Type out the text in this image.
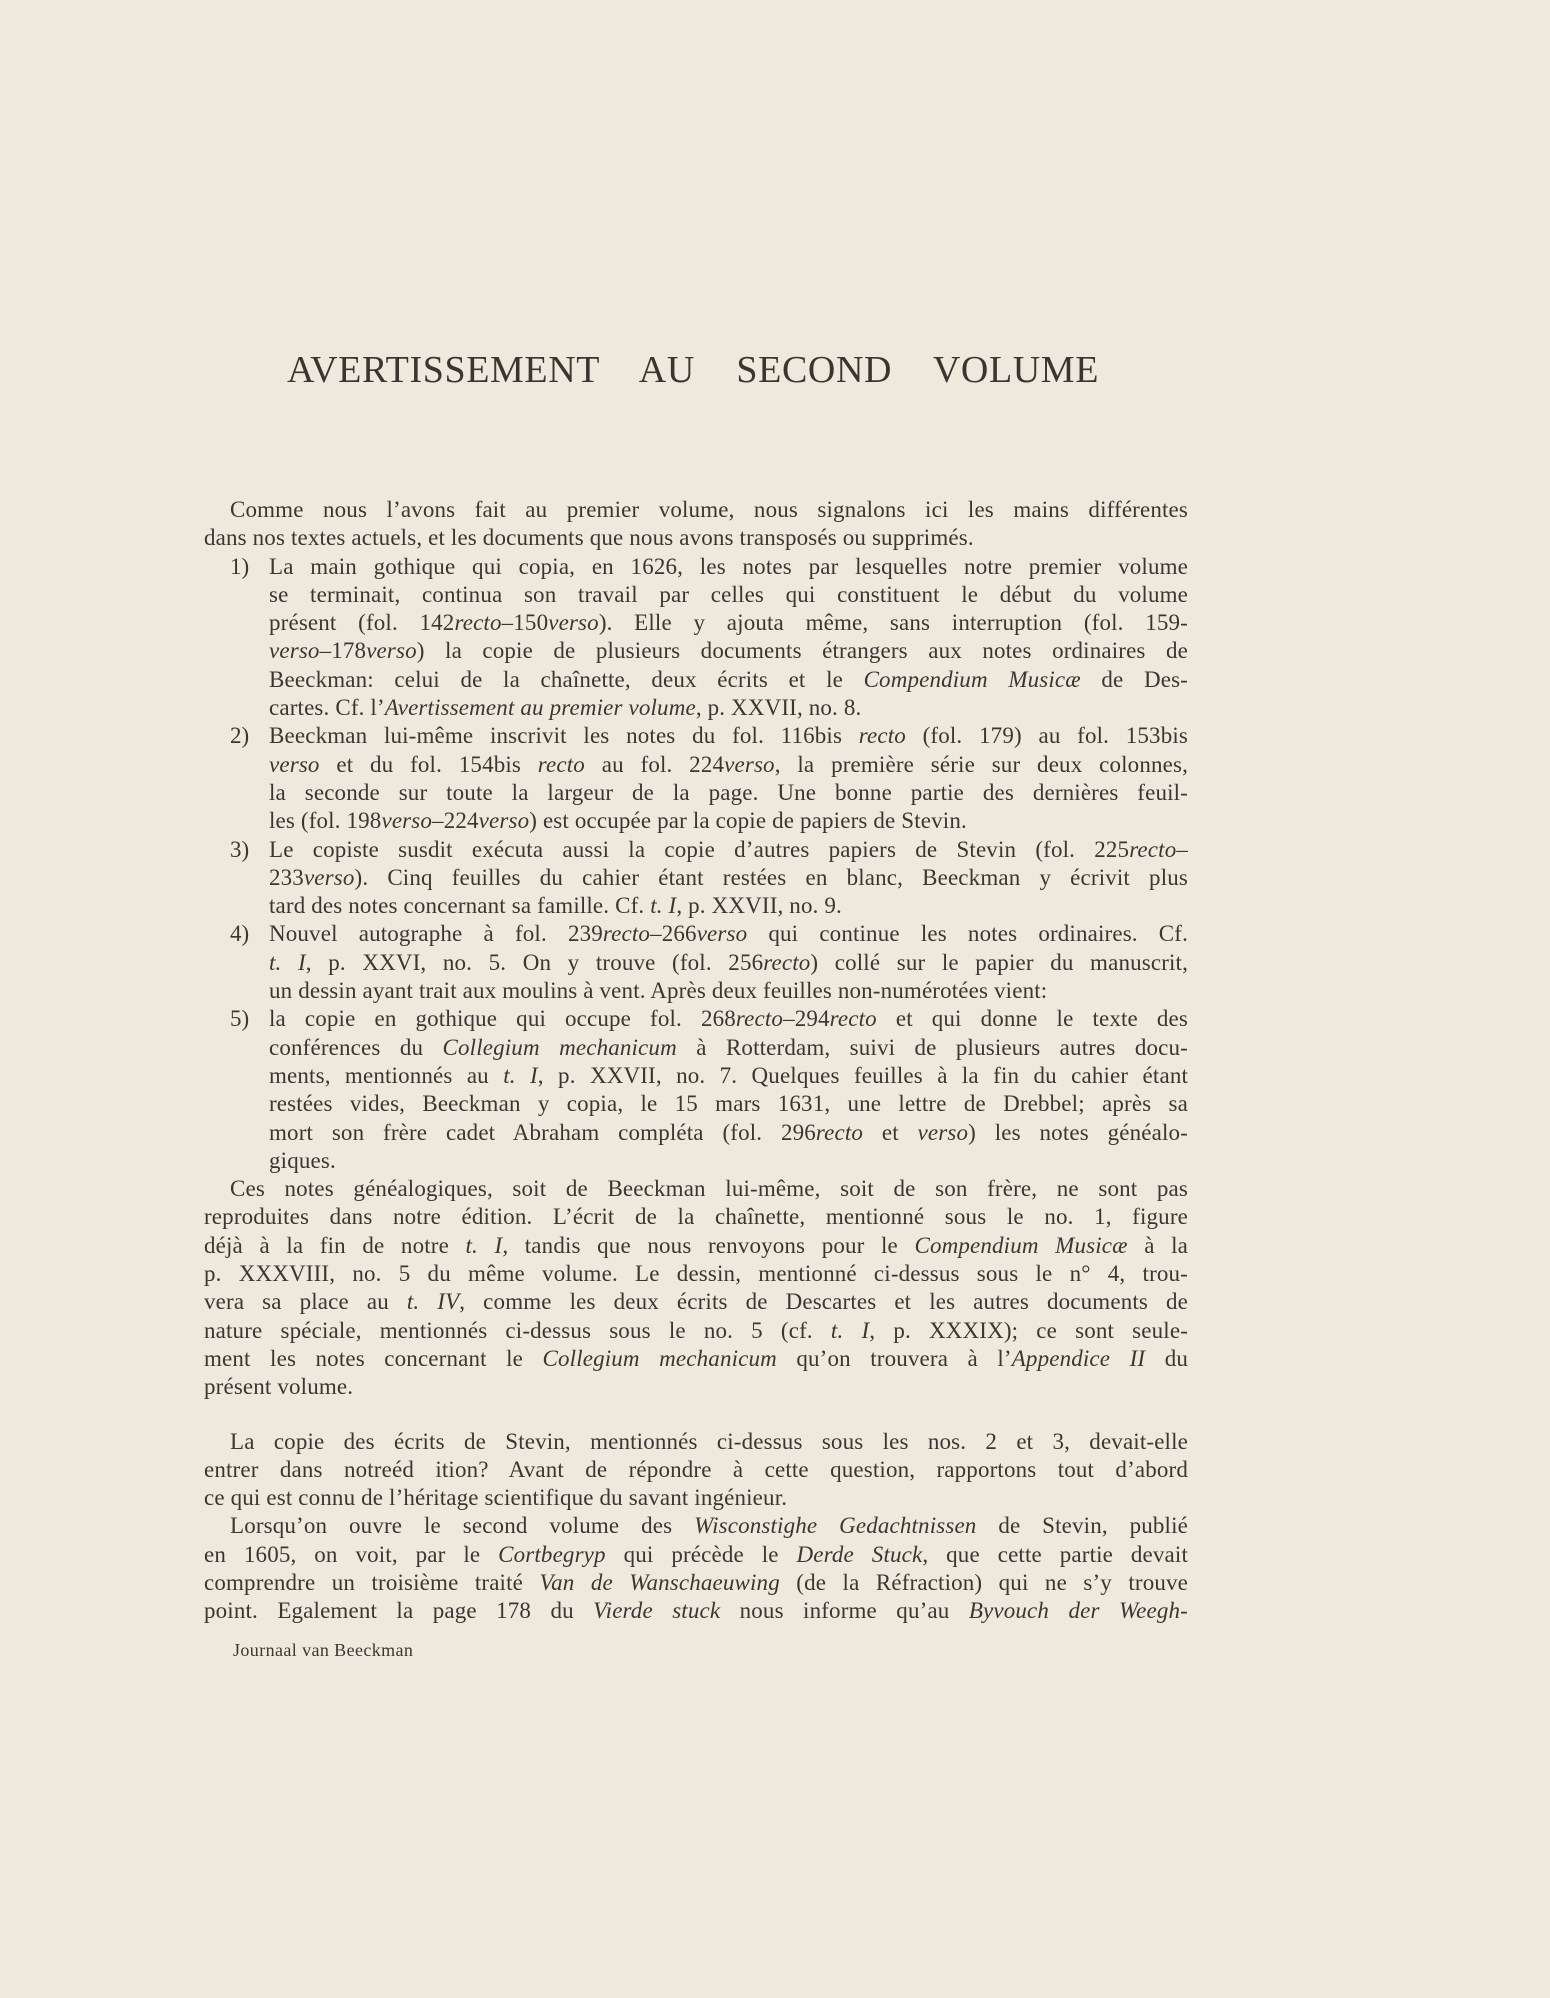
AVERTISSEMENT AU SECOND VOLUME
Comme nous l’avons fait au premier volume, nous signalons ici les mains différentes
dans nos textes actuels, et les documents que nous avons transposés ou supprimés.
1) La main gothique qui copia, en 1626, les notes par lesquelles notre premier volume
se terminait, continua son travail par celles qui constituent le début du volume
présent (fol. 142recto–150verso). Elle y ajouta même, sans interruption (fol. 159-
verso–178verso) la copie de plusieurs documents étrangers aux notes ordinaires de
Beeckman: celui de la chaînette, deux écrits et le Compendium Musicæ de Des-
cartes. Cf. l’Avertissement au premier volume, p. XXVII, no. 8.
2) Beeckman lui-même inscrivit les notes du fol. 116bis recto (fol. 179) au fol. 153bis
verso et du fol. 154bis recto au fol. 224verso, la première série sur deux colonnes,
la seconde sur toute la largeur de la page. Une bonne partie des dernières feuil-
les (fol. 198verso–224verso) est occupée par la copie de papiers de Stevin.
3) Le copiste susdit exécuta aussi la copie d’autres papiers de Stevin (fol. 225recto–
233verso). Cinq feuilles du cahier étant restées en blanc, Beeckman y écrivit plus
tard des notes concernant sa famille. Cf. t. I, p. XXVII, no. 9.
4) Nouvel autographe à fol. 239recto–266verso qui continue les notes ordinaires. Cf.
t. I, p. XXVI, no. 5. On y trouve (fol. 256recto) collé sur le papier du manuscrit,
un dessin ayant trait aux moulins à vent. Après deux feuilles non-numérotées vient:
5) la copie en gothique qui occupe fol. 268recto–294recto et qui donne le texte des
conférences du Collegium mechanicum à Rotterdam, suivi de plusieurs autres docu-
ments, mentionnés au t. I, p. XXVII, no. 7. Quelques feuilles à la fin du cahier étant
restées vides, Beeckman y copia, le 15 mars 1631, une lettre de Drebbel; après sa
mort son frère cadet Abraham compléta (fol. 296recto et verso) les notes généalo-
giques.
Ces notes généalogiques, soit de Beeckman lui-même, soit de son frère, ne sont pas
reproduites dans notre édition. L’écrit de la chaînette, mentionné sous le no. 1, figure
déjà à la fin de notre t. I, tandis que nous renvoyons pour le Compendium Musicæ à la
p. XXXVIII, no. 5 du même volume. Le dessin, mentionné ci-dessus sous le n° 4, trou-
vera sa place au t. IV, comme les deux écrits de Descartes et les autres documents de
nature spéciale, mentionnés ci-dessus sous le no. 5 (cf. t. I, p. XXXIX); ce sont seule-
ment les notes concernant le Collegium mechanicum qu’on trouvera à l’Appendice II du
présent volume.
La copie des écrits de Stevin, mentionnés ci-dessus sous les nos. 2 et 3, devait-elle
entrer dans notreéd ition? Avant de répondre à cette question, rapportons tout d’abord
ce qui est connu de l’héritage scientifique du savant ingénieur.
Lorsqu’on ouvre le second volume des Wisconstighe Gedachtnissen de Stevin, publié
en 1605, on voit, par le Cortbegryp qui précède le Derde Stuck, que cette partie devait
comprendre un troisième traité Van de Wanschaeuwing (de la Réfraction) qui ne s’y trouve
point. Egalement la page 178 du Vierde stuck nous informe qu’au Byvouch der Weegh-
Journaal van Beeckman
